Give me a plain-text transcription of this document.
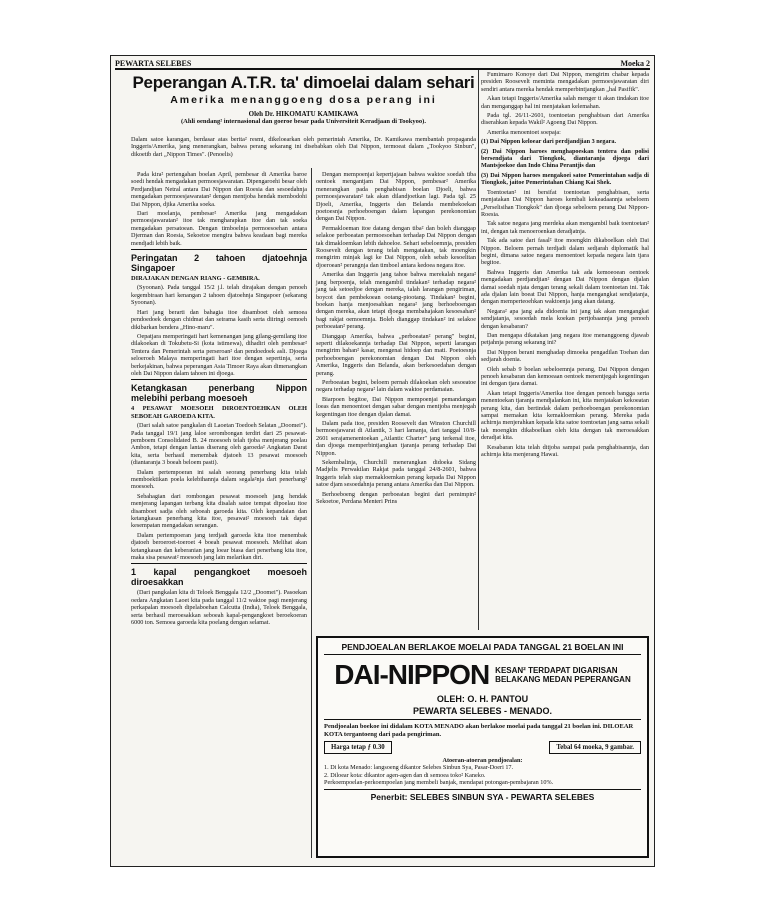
PEWARTA SELEBES	Moeka 2
Peperangan A.T.R. ta' dimoelai dalam sehari
Amerika menanggoeng dosa perang ini
Oleh Dr. HIKOMATU KAMIKAWA
(Ahli oendang² internasional dan goeroe besar pada Universiteit Keradjaan di Tookyoo).
Dalam satoe karangan, berdasar atas berita² resmi, dikeloearkan oleh pemerintah Amerika, Dr. Kamikawa membantah propaganda Inggeris/Amerika, jang menerangkan, bahwa perang sekarang ini disebabkan oleh Dai Nippon, termoeat dalam „Tookyoo Sinbun", dikoetib dari „Nippon Times". (Penoelis)

Pada kira² pertengahan boelan April, pembesar di Amerika baroe soedi hendak mengadakan permoesjawaratan. Dipengaroehi besar oleh Perdjandjian Netral antara Dai Nippon dan Roesia dan sesoedahnja mengadakan permoesjawaratan² dengan mentjoba hendak membodohi Dai Nippon, djika Amerika soeka.

Dari moelanja, pembesar² Amerika jang mengadakan permoesjawaratan² itoe tak mengharapkan itoe dan tak soeka mengadakan persatoean. Dengan timboelnja permoesoehan antara Djerman dan Roesia, Sekoetoe mengira bahwa keadaan bagi mereka mendjadi lebih baik.

Peringatan 2 tahoen djatoehnja Singapoer

DIRAJAKAN DENGAN RIANG - GEMBIRA.

(Syoonan). Pada tanggal 15/2 j.l. telah dirajakan dengan penoeh kegembiraan hari kenangan 2 tahoen djatoehnja Singapoer (sekarang Syoonan).

Hari jang berarti dan bahagia itoe disamboet oleh semoea pendoedoek dengan chidmat dan seirama kasih serta diiringi oemoeh dikibarkan bendera „Hino-maru".

Oepatjara memperingati hari kemenangan jang gilang-gemilang itoe dilakoekan di Tokubetu-Si (kota istimewa), dihadiri oleh pembesar² Tentera dan Pemerintah serta perseroan² dan pendoedoek asli. Djoega seloeroeh Malaya memperingati hari itoe dengan sepertinja, serta berkejakinan, bahwa peperangan Asia Timoer Raya akan dimenangkan oleh Dai Nippon dalam tahoen ini djoega.

Ketangkasan penerbang Nippon melebihi perbang moesoeh

4 PESAWAT MOESOEH DIROENTOEHKAN OLEH SEBOEAH GAROEDA KITA.

(Dari salah satoe pangkalan di Laoetan Toedoeh Selatan „Doomei"). Pada tanggal 19/1 jang laloe serombongan terdiri dari 25 pesawat-pemboem Consolidated B. 24 moesoeh telah tjoba menjerang poelau Ambon, tetapi dengan lantas diserang oleh garoeda² Angkatan Darat kita, serta berhasil menembak djatoeh 13 pesawat moesoeh (diantaranja 3 boeah beloem pasti).

Dalam pertempoeran ini salah seorang penerbang kita telah memboektikan poela kelebihannja dalam segala²nja dari penerbang² moesoeh.

Sebahagian dari rombongan pesawat moesoeh jang hendak menjerang lapangan terbang kita disalah satoe tempat dipoelau itoe disamboet sadja oleh seboeah garoeda kita. Oleh kepandaian dan ketangkasan penerbang kita itoe, pesawat² moesoeh tak dapat kesempatan mengadakan serangan.

Dalam pertempoeran jang terdjadi garoeda kita itoe menembak djatoeh beroeroet-toeroet 4 boeah pesawat moesoeh. Melihat akan ketangkasan dan keberanian jang loear biasa dari penerbang kita itoe, maka sisa pesawat² moesoeh jang lain melarikan diri.

1 kapal pengangkoet moesoeh diroesakkan

(Dari pangkalan kita di Teloek Benggala 12/2 „Doomei"). Pasoekan oedara Angkatan Laoet kita pada tanggal 11/2 waktoe pagi menjerang perkapalan moesoeh dipelaboehan Calcutta (India), Teloek Benggala, serta berhasil meroesakkan seboeah kapal-pengangkoet beroekoeran 6000 ton. Semoea garoeda kita poelang dengan selamat.

Dengan mempoenjai kepertjajaan bahwa waktoe soedah tiba oentoek mengantjam Dai Nippon, pembesar² Amerika menerangkan pada penghabisan boelan Djoeli, bahwa permoesjawaratan² tak akan dilandjoetkan lagi. Pada tgl. 25 Djoeli, Amerika, Inggeris dan Belanda membekoekan poetoesnja perhoeboengan dalam lapangan perekonomian dengan Dai Nippon.

Permakloeman itoe datang dengan tiba² dan boleh dianggap selakoe perboeatan permoesoehan terhadap Dai Nippon dengan tak dimakloemkan lebih dahoeloe. Sehari sebeloemnja, presiden Roosevelt dengan terang telah mengatakan, tak moengkin mengirim minjak lagi ke Dai Nippon, oleh sebab kesoelitan djoeroean² perangnja dan timboel antara kedoea negara itoe.

Amerika dan Inggeris jang tahoe bahwa merekalah negara² jang berpoenja, telah mengambil tindakan² terhadap negara² jang tak setoedjoe dengan mereka, ialah larangan pengiriman, boycot dan pembekoean ootang-piootang. Tindakan² begini, boekan hanja menjoesahkan negara² jang berhoeboengan dengan mereka, akan tetapi djoega membahajakan kesoesahan² bagi rakjat oemoemnja. Boleh dianggap tindakan² ini selakoe perboeatan² perang.

Dianggap Amerika, bahwa „perboeatan² perang" begini, seperti dilakoekannja terhadap Dai Nippon, seperti larangan mengirim bahan² kasar, mengenai hidoep dan mati. Poetoesnja perhoeboengan perekonomian dengan Dai Nippon oleh Amerika, Inggeris dan Belanda, akan berkesoedahan dengan perang.

Perboeatan begini, beloem pernah dilakoekan oleh sesoeatoe negara terhadap negara² lain dalam waktoe perdamaian.

Biarpoen begitoe, Dai Nippon mempoenjai pemandangan loeas dan menoentoet dengan sabar dengan mentjoba menjegah kegentingan itoe dengan djalan damai.

Dalam pada itoe, presiden Roosevelt dan Winston Churchill bermoesjawarat di Atlantik, 3 hari lamanja, dari tanggal 10/8-2601 serajamenentoekan „Atlantic Charter" jang terkenal itoe, dan djoega memperbintjangkan tjaranja perang terhadap Dai Nippon.

Sekembalinja, Churchill menerangkan didoeka Sidang Madjelis Perwakilan Rakjat pada tanggal 24/8-2601, bahwa Inggeris telah siap memakloemkan perang kepada Dai Nippon satoe djam sesoedahnja perang antara Amerika dan Dai Nippon.

Berhoeboeng dengan perboeatan begini dari pemimpin² Sekoetoe, Perdana Menteri Prins

Fumimaro Konoye dari Dai Nippon, mengirim chabar kepada presiden Roosevelt meminta mengadakan permoesjawaratan diri sendiri antara mereka hendak memperbintjangkan „hal Pasifik".

Akan tetapi Inggeris/Amerika salah menger ti akan tindakan itoe dan menganggap hal ini menjatakan kelemahan.

Pada tgl. 26/11-2601, toentoetan penghabisan dari Amerika diserahkan kepada Wakil² Agoeng Dai Nippon.

Amerika menoentoet soepaja:

(1) Dai Nippon keloear dari perdjandjian 3 negara.

(2) Dai Nippon haroes menghapoeskan tentera dan polisi bersendjata dari Tiongkok, diantaranja djoega dari Mantsjoekoe dan Indo China Perantjis dan

(3) Dai Nippon haroes mengakoei satoe Pemerintahan sadja di Tiongkok, jaitoe Pemerintahan Chiang Kai Shek.

Toentoetan² ini bersifat toentoetan penghabisan, serta menjatakan Dai Nippon haroes kembali kekeadaannja sebeloem „Perselisihan Tiongkok" dan djoega sebeloem perang Dai Nippon-Roesia.

Tak satoe negara jang merdeka akan mengambil baik toentoetan² ini, dengan tak menoeroenkan deradjatnja.

Tak ada satoe dari fasal² itoe moengkin dikaboelkan oleh Dai Nippon. Beloem pernah terdjadi dalam sedjarah diplomatik hal begini, dimana satoe negara menoentoet kepada negara lain tjara begitoe.

Bahwa Inggeris dan Amerika tak ada kemoeoean oentoek mengadakan perdjandjian² dengan Dai Nippon dengan djalan damai soedah njata dengan terang sekali dalam toentoetan ini. Tak ada djalan lain boeat Dai Nippon, hanja mengangkat sendjatanja, dengan memperteoehkan waktoenja jang akan datang.

Negara² apa jang ada didoenia ini jang tak akan mengangkat sendjatanja, sesoedah mela koekan pertjobaannja jang penoeh dengan kesabaran?

Dan mengapa dikatakan jang negara itoe menanggoeng djawab petjahnja perang sekarang ini?

Dai Nippon berani menghadap dimoeka pengadilan Toehan dan sedjarah doenia.

Oleh sebab 9 boelan sebeloemnja perang, Dai Nippon dengan penoeh kesabaran dan kemoeaan oentoek menentjegah kegentingan ini dengan tjara damai.

Akan tetapi Inggeris/Amerika itoe dengan penoeh bangga serta menentoekan tjaranja mendjalankan ini, kita menjatakan kekoeatan perang kita, dan bertindak dalam perhoeboengan perekonomian sampai memakan kita kemakloemkan perang. Mereka pada achirnja menjerahkan kepada kita satoe toentoetan jang sama sekali tak moengkin dikaboelkan oleh kita dengan tak meroesakkan deradjat kita.

Kesabaran kita telah ditjoba sampai pada penghabisannja, dan achirnja kita menjerang Hawai.

PENDJOEALAN BERLAKOE MOELAI PADA TANGGAL 21 BOELAN INI
DAI-NIPPON KESAN² TERDAPAT DIGARISAN
BELAKANG MEDAN PEPERANGAN
OLEH: O. H. PANTOU
PEWARTA SELEBES - MENADO.
Pendjoealan boekoe ini didalam KOTA MENADO akan berlakoe moelai pada tanggal 21 boelan ini. DILOEAR KOTA tergantoeng dari pada pengiriman.
Harga tetap ƒ 0.30	Tebal 64 moeka, 9 gambar.
Atoeran-atoeran pendjoealan:
1. Di kota Menado: langsoeng dikantor Selebes Sinbun Sya, Pasar-Doeri 17.
2. Diloear kota: dikantor agen-agen dan di semoea toko² Kaneko.
Perkoempoelan-perkoempoelan jang membeli banjak, mendapat potongan-pembajaran 10%.
Penerbit: SELEBES SINBUN SYA - PEWARTA SELEBES
